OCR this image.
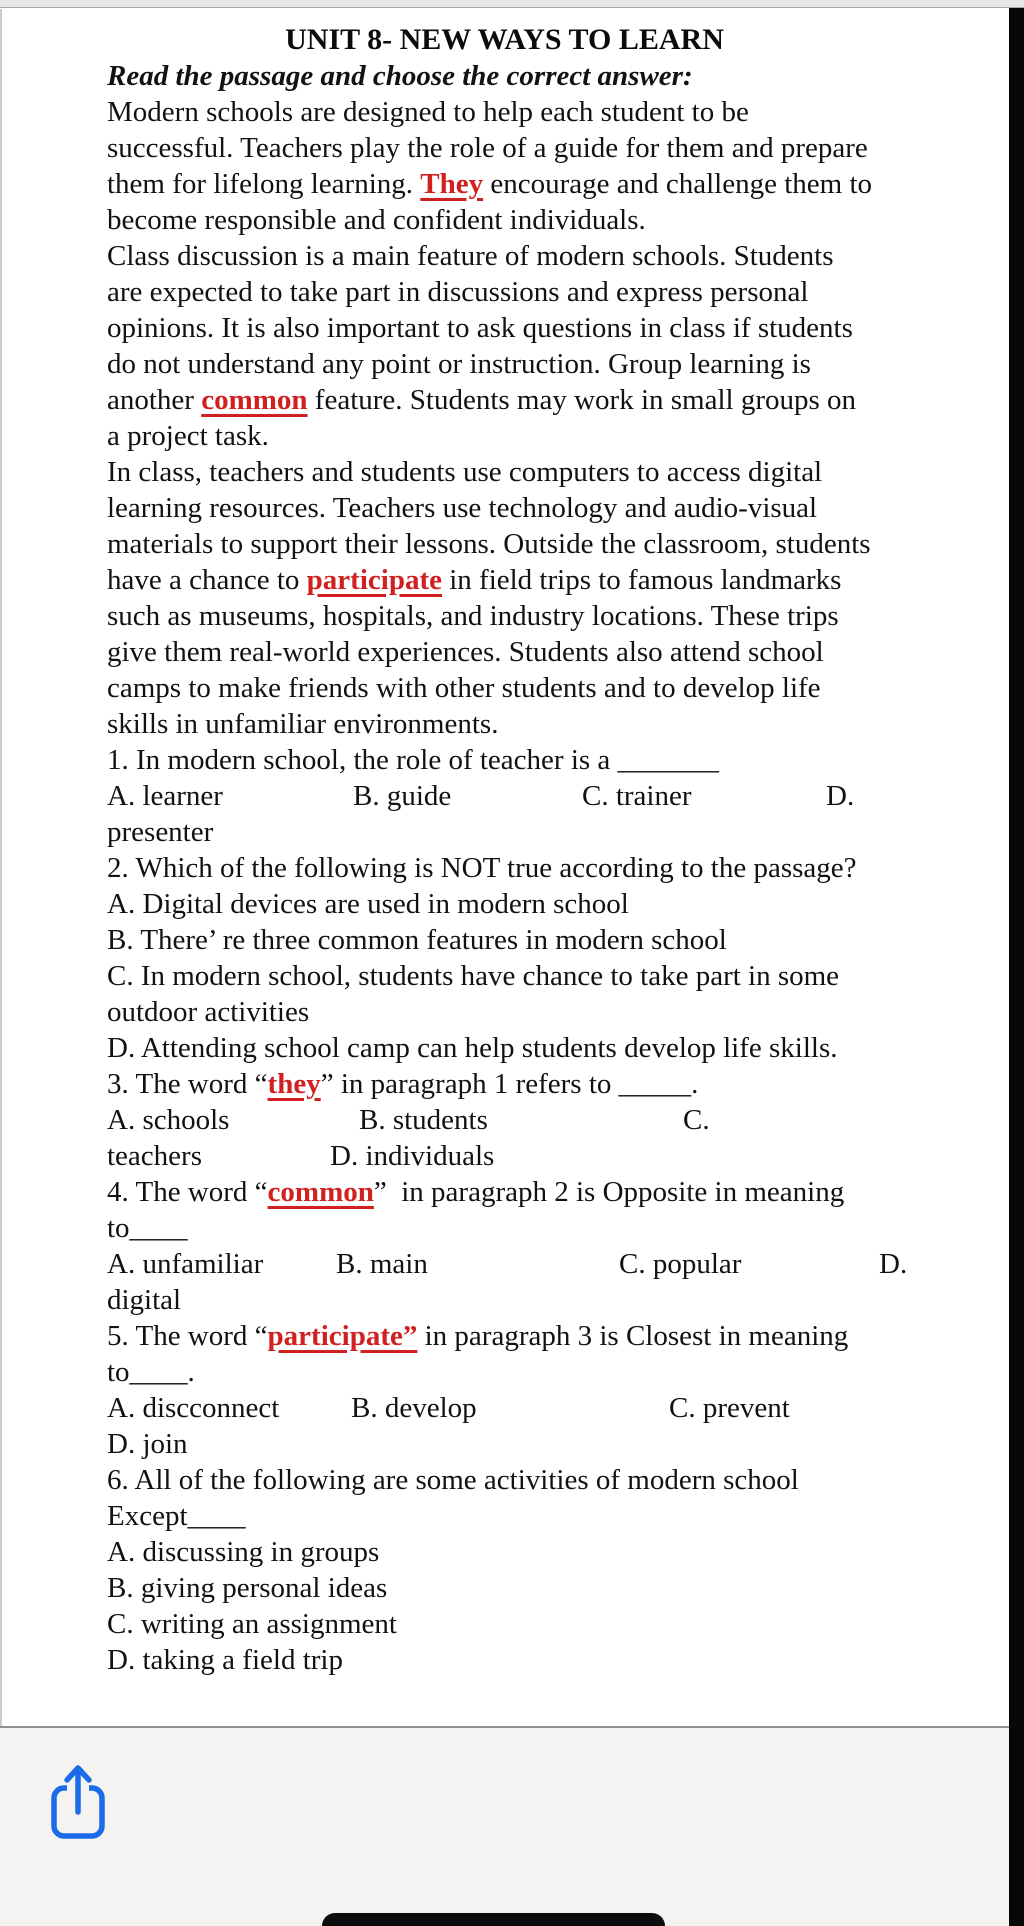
UNIT 8- NEW WAYS TO LEARN
Read the passage and choose the correct answer:
Modern schools are designed to help each student to be
successful. Teachers play the role of a guide for them and prepare
them for lifelong learning. They encourage and challenge them to
become responsible and confident individuals.
Class discussion is a main feature of modern schools. Students
are expected to take part in discussions and express personal
opinions. It is also important to ask questions in class if students
do not understand any point or instruction. Group learning is
another common feature. Students may work in small groups on
a project task.
In class, teachers and students use computers to access digital
learning resources. Teachers use technology and audio-visual
materials to support their lessons. Outside the classroom, students
have a chance to participate in field trips to famous landmarks
such as museums, hospitals, and industry locations. These trips
give them real-world experiences. Students also attend school
camps to make friends with other students and to develop life
skills in unfamiliar environments.
1. In modern school, the role of teacher is a _______
A. learner	B. guide	C. trainer	D.
presenter
2. Which of the following is NOT true according to the passage?
A. Digital devices are used in modern school
B. There’ re three common features in modern school
C. In modern school, students have chance to take part in some
outdoor activities
D. Attending school camp can help students develop life skills.
3. The word “they” in paragraph 1 refers to _____.
A. schools	B. students	C.
teachers	D. individuals
4. The word “common”  in paragraph 2 is Opposite in meaning
to____
A. unfamiliar	B. main	C. popular	D.
digital
5. The word “participate” in paragraph 3 is Closest in meaning
to____.
A. discconnect B. develop	C. prevent
D. join
6. All of the following are some activities of modern school
Except____
A. discussing in groups
B. giving personal ideas
C. writing an assignment
D. taking a field trip
